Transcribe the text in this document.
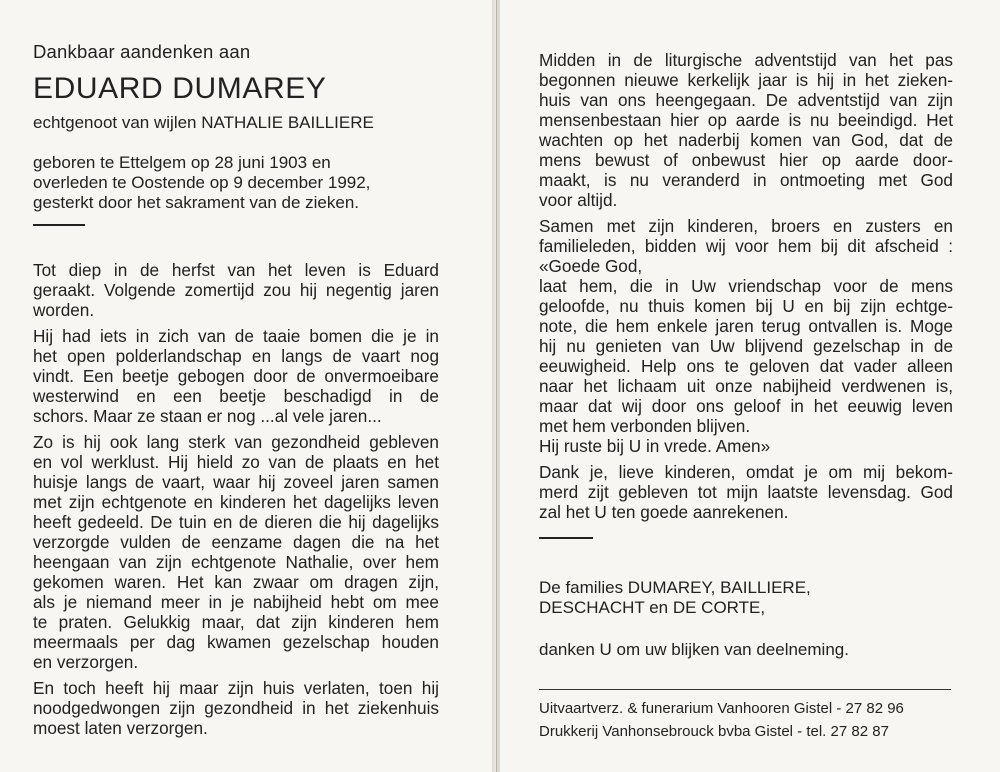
Dankbaar aandenken aan
EDUARD DUMAREY
echtgenoot van wijlen NATHALIE BAILLIERE
geboren te Ettelgem op 28 juni 1903 en
overleden te Oostende op 9 december 1992,
gesterkt door het sakrament van de zieken.

Tot diep in de herfst van het leven is Eduard
geraakt. Volgende zomertijd zou hij negentig jaren
worden.

Hij had iets in zich van de taaie bomen die je in
het open polderlandschap en langs de vaart nog
vindt. Een beetje gebogen door de onvermoeibare
westerwind en een beetje beschadigd in de
schors. Maar ze staan er nog ...al vele jaren...

Zo is hij ook lang sterk van gezondheid gebleven
en vol werklust. Hij hield zo van de plaats en het
huisje langs de vaart, waar hij zoveel jaren samen
met zijn echtgenote en kinderen het dagelijks leven
heeft gedeeld. De tuin en de dieren die hij dagelijks
verzorgde vulden de eenzame dagen die na het
heengaan van zijn echtgenote Nathalie, over hem
gekomen waren. Het kan zwaar om dragen zijn,
als je niemand meer in je nabijheid hebt om mee
te praten. Gelukkig maar, dat zijn kinderen hem
meermaals per dag kwamen gezelschap houden
en verzorgen.

En toch heeft hij maar zijn huis verlaten, toen hij
noodgedwongen zijn gezondheid in het ziekenhuis
moest laten verzorgen.

Midden in de liturgische adventstijd van het pas
begonnen nieuwe kerkelijk jaar is hij in het zieken-
huis van ons heengegaan. De adventstijd van zijn
mensenbestaan hier op aarde is nu beeindigd. Het
wachten op het naderbij komen van God, dat de
mens bewust of onbewust hier op aarde door-
maakt, is nu veranderd in ontmoeting met God
voor altijd.

Samen met zijn kinderen, broers en zusters en
familieleden, bidden wij voor hem bij dit afscheid :
«Goede God,
laat hem, die in Uw vriendschap voor de mens
geloofde, nu thuis komen bij U en bij zijn echtge-
note, die hem enkele jaren terug ontvallen is. Moge
hij nu genieten van Uw blijvend gezelschap in de
eeuwigheid. Help ons te geloven dat vader alleen
naar het lichaam uit onze nabijheid verdwenen is,
maar dat wij door ons geloof in het eeuwig leven
met hem verbonden blijven.
Hij ruste bij U in vrede. Amen»

Dank je, lieve kinderen, omdat je om mij bekom-
merd zijt gebleven tot mijn laatste levensdag. God
zal het U ten goede aanrekenen.

De families DUMAREY, BAILLIERE,
DESCHACHT en DE CORTE,
danken U om uw blijken van deelneming.
Uitvaartverz. & funerarium Vanhooren Gistel - 27 82 96
Drukkerij Vanhonsebrouck bvba Gistel - tel. 27 82 87
